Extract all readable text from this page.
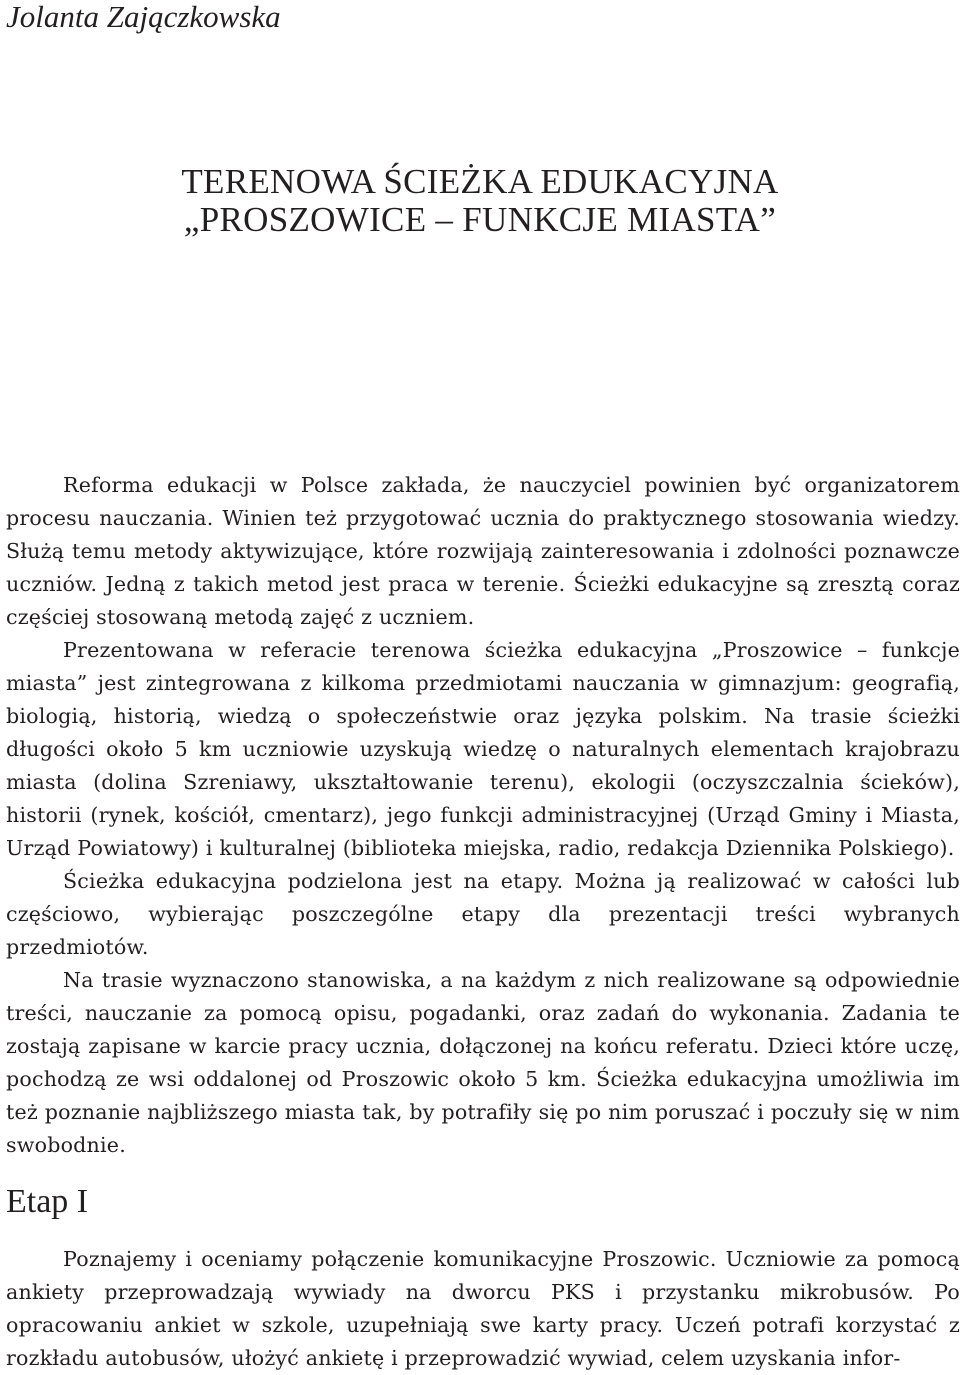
Jolanta Zajączkowska

TERENOWA ŚCIEŻKA EDUKACYJNA
„PROSZOWICE – FUNKCJE MIASTA”

Reforma edukacji w Polsce zakłada, że nauczyciel powinien być organizatorem procesu nauczania. Winien też przygotować ucznia do praktycznego stosowania wiedzy. Służą temu metody aktywizujące, które rozwijają zainteresowania i zdolności poznawcze uczniów. Jedną z takich metod jest praca w terenie. Ścieżki edukacyjne są zresztą coraz częściej stosowaną metodą zajęć z uczniem.

Prezentowana w referacie terenowa ścieżka edukacyjna „Proszowice – funkcje miasta” jest zintegrowana z kilkoma przedmiotami nauczania w gimnazjum: geografią, biologią, historią, wiedzą o społeczeństwie oraz języka polskim. Na trasie ścieżki długości około 5 km uczniowie uzyskują wiedzę o naturalnych elementach krajobrazu miasta (dolina Szreniawy, ukształtowanie terenu), ekologii (oczyszczalnia ścieków), historii (rynek, kościół, cmentarz), jego funkcji administracyjnej (Urząd Gminy i Miasta, Urząd Powiatowy) i kulturalnej (biblioteka miejska, radio, redakcja Dziennika Polskiego).

Ścieżka edukacyjna podzielona jest na etapy. Można ją realizować w całości lub częściowo, wybierając poszczególne etapy dla prezentacji treści wybranych przedmiotów.

Na trasie wyznaczono stanowiska, a na każdym z nich realizowane są odpowiednie treści, nauczanie za pomocą opisu, pogadanki, oraz zadań do wykonania. Zadania te zostają zapisane w karcie pracy ucznia, dołączonej na końcu referatu. Dzieci które uczę, pochodzą ze wsi oddalonej od Proszowic około 5 km. Ścieżka edukacyjna umożliwia im też poznanie najbliższego miasta tak, by potrafiły się po nim poruszać i poczuły się w nim swobodnie.

Etap I

Poznajemy i oceniamy połączenie komunikacyjne Proszowic. Uczniowie za pomocą ankiety przeprowadzają wywiady na dworcu PKS i przystanku mikrobusów. Po opracowaniu ankiet w szkole, uzupełniają swe karty pracy. Uczeń potrafi korzystać z rozkładu autobusów, ułożyć ankietę i przeprowadzić wywiad, celem uzyskania infor-
